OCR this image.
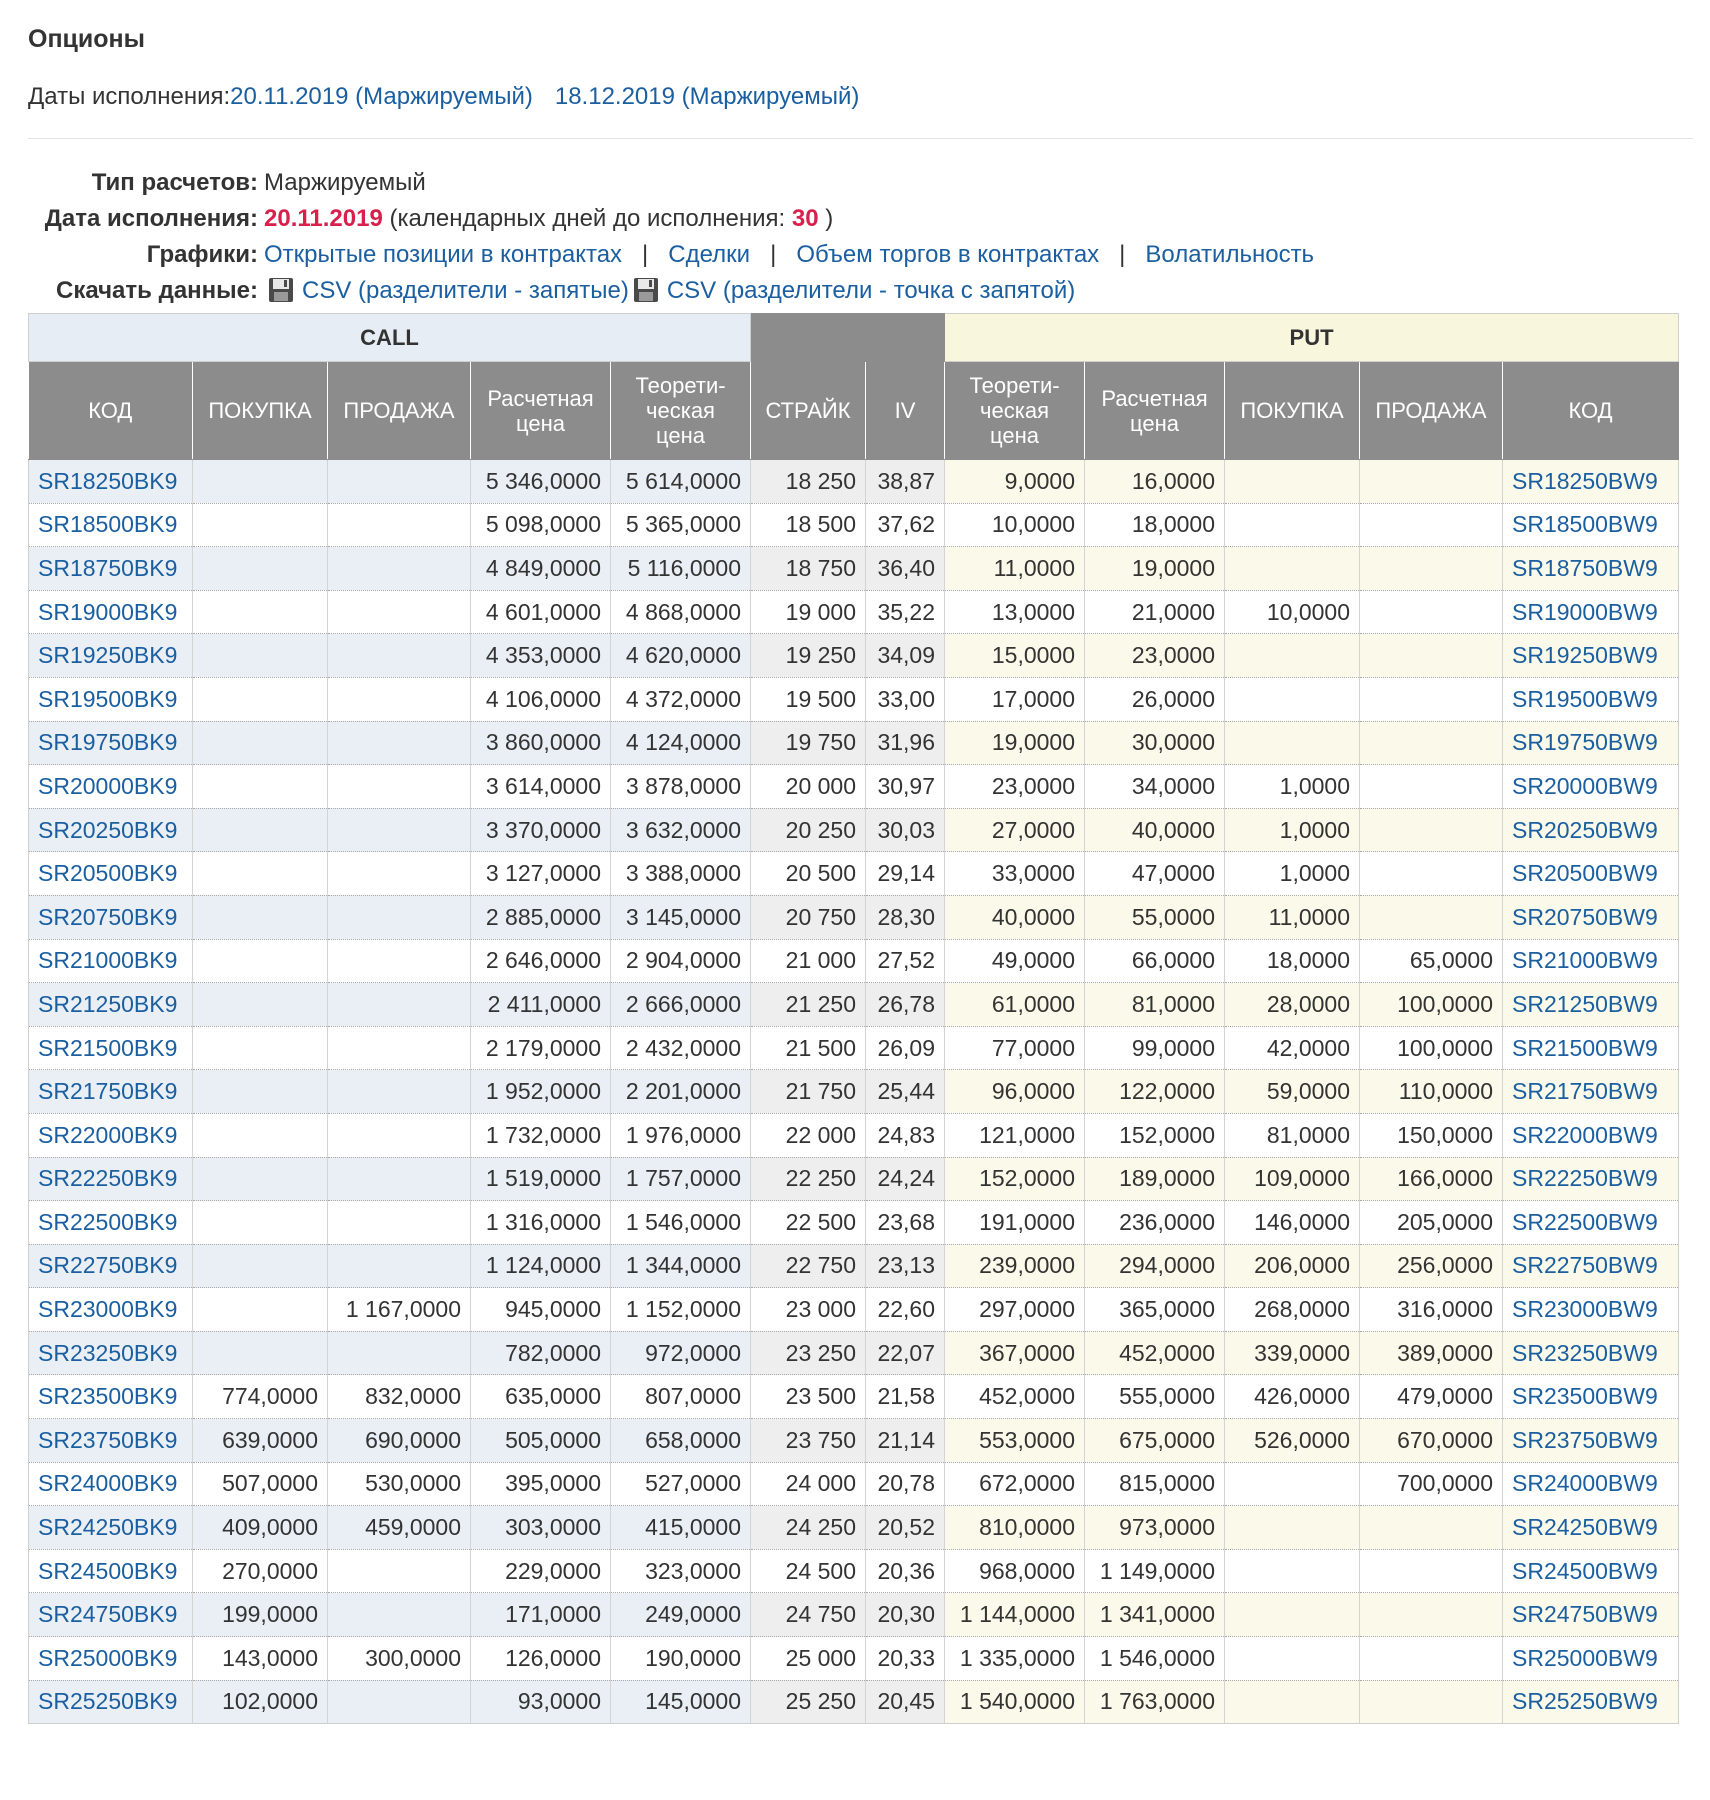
Опционы
Даты исполнения:20.11.2019 (Маржируемый) 18.12.2019 (Маржируемый)
Тип расчетов: Маржируемый
Дата исполнения: 20.11.2019 (календарных дней до исполнения: 30 )
Графики: Открытые позиции в контрактах | Сделки | Объем торгов в контрактах | Волатильность
Скачать данные:	CSV (разделители - запятые) CSV (разделители - точка с запятой)
CALL							PUT				
КОД	ПОКУПКА	ПРОДАЖА	Расчетная
цена	Теорети-
ческая
цена	СТРАЙК	IV	Теорети-
ческая
цена	Расчетная
цена	ПОКУПКА	ПРОДАЖА	КОД
SR18250BK9			5 346,0000	5 614,0000	18 250	38,87	9,0000	16,0000			SR18250BW9
SR18500BK9			5 098,0000	5 365,0000	18 500	37,62	10,0000	18,0000			SR18500BW9
SR18750BK9			4 849,0000	5 116,0000	18 750	36,40	11,0000	19,0000			SR18750BW9
SR19000BK9			4 601,0000	4 868,0000	19 000	35,22	13,0000	21,0000	10,0000		SR19000BW9
SR19250BK9			4 353,0000	4 620,0000	19 250	34,09	15,0000	23,0000			SR19250BW9
SR19500BK9			4 106,0000	4 372,0000	19 500	33,00	17,0000	26,0000			SR19500BW9
SR19750BK9			3 860,0000	4 124,0000	19 750	31,96	19,0000	30,0000			SR19750BW9
SR20000BK9			3 614,0000	3 878,0000	20 000	30,97	23,0000	34,0000	1,0000		SR20000BW9
SR20250BK9			3 370,0000	3 632,0000	20 250	30,03	27,0000	40,0000	1,0000		SR20250BW9
SR20500BK9			3 127,0000	3 388,0000	20 500	29,14	33,0000	47,0000	1,0000		SR20500BW9
SR20750BK9			2 885,0000	3 145,0000	20 750	28,30	40,0000	55,0000	11,0000		SR20750BW9
SR21000BK9			2 646,0000	2 904,0000	21 000	27,52	49,0000	66,0000	18,0000	65,0000	SR21000BW9
SR21250BK9			2 411,0000	2 666,0000	21 250	26,78	61,0000	81,0000	28,0000	100,0000	SR21250BW9
SR21500BK9			2 179,0000	2 432,0000	21 500	26,09	77,0000	99,0000	42,0000	100,0000	SR21500BW9
SR21750BK9			1 952,0000	2 201,0000	21 750	25,44	96,0000	122,0000	59,0000	110,0000	SR21750BW9
SR22000BK9			1 732,0000	1 976,0000	22 000	24,83	121,0000	152,0000	81,0000	150,0000	SR22000BW9
SR22250BK9			1 519,0000	1 757,0000	22 250	24,24	152,0000	189,0000	109,0000	166,0000	SR22250BW9
SR22500BK9			1 316,0000	1 546,0000	22 500	23,68	191,0000	236,0000	146,0000	205,0000	SR22500BW9
SR22750BK9			1 124,0000	1 344,0000	22 750	23,13	239,0000	294,0000	206,0000	256,0000	SR22750BW9
SR23000BK9		1 167,0000	945,0000	1 152,0000	23 000	22,60	297,0000	365,0000	268,0000	316,0000	SR23000BW9
SR23250BK9			782,0000	972,0000	23 250	22,07	367,0000	452,0000	339,0000	389,0000	SR23250BW9
SR23500BK9	774,0000	832,0000	635,0000	807,0000	23 500	21,58	452,0000	555,0000	426,0000	479,0000	SR23500BW9
SR23750BK9	639,0000	690,0000	505,0000	658,0000	23 750	21,14	553,0000	675,0000	526,0000	670,0000	SR23750BW9
SR24000BK9	507,0000	530,0000	395,0000	527,0000	24 000	20,78	672,0000	815,0000		700,0000	SR24000BW9
SR24250BK9	409,0000	459,0000	303,0000	415,0000	24 250	20,52	810,0000	973,0000			SR24250BW9
SR24500BK9	270,0000		229,0000	323,0000	24 500	20,36	968,0000	1 149,0000			SR24500BW9
SR24750BK9	199,0000		171,0000	249,0000	24 750	20,30	1 144,0000	1 341,0000			SR24750BW9
SR25000BK9	143,0000	300,0000	126,0000	190,0000	25 000	20,33	1 335,0000	1 546,0000			SR25000BW9
SR25250BK9	102,0000		93,0000	145,0000	25 250	20,45	1 540,0000	1 763,0000			SR25250BW9
